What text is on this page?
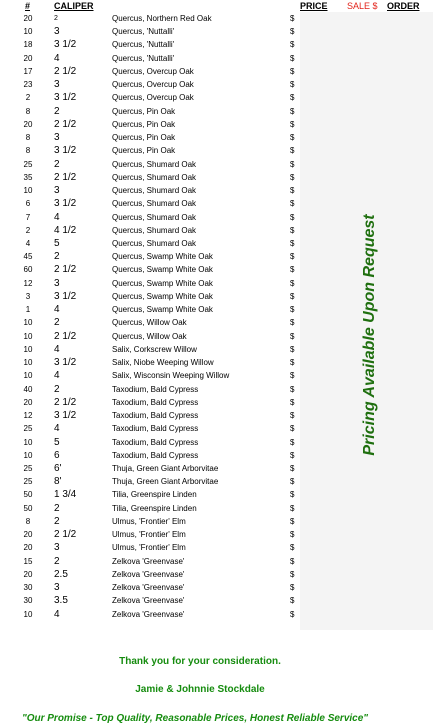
#	CALIPER	PRICE SALE $ ORDER
Pricing Available Upon Request
20	2	Quercus, Northern Red Oak	$
10	3	Quercus, 'Nuttalli'	$
18	3 1/2	Quercus, 'Nuttalli'	$
20	4	Quercus, 'Nuttalli'	$
17	2 1/2	Quercus, Overcup Oak	$
23	3	Quercus, Overcup Oak	$
2	3 1/2	Quercus, Overcup Oak	$
8	2	Quercus, Pin Oak	$
20	2 1/2	Quercus, Pin Oak	$
8	3	Quercus, Pin Oak	$
8	3 1/2	Quercus, Pin Oak	$
25	2	Quercus, Shumard Oak	$
35	2 1/2	Quercus, Shumard Oak	$
10	3	Quercus, Shumard Oak	$
6	3 1/2	Quercus, Shumard Oak	$
7	4	Quercus, Shumard Oak	$
2	4 1/2	Quercus, Shumard Oak	$
4	5	Quercus, Shumard Oak	$
45	2	Quercus, Swamp White Oak	$
60	2 1/2	Quercus, Swamp White Oak	$
12	3	Quercus, Swamp White Oak	$
3	3 1/2	Quercus, Swamp White Oak	$
1	4	Quercus, Swamp White Oak	$
10	2	Quercus, Willow Oak	$
10	2 1/2	Quercus, Willow Oak	$
10	4	Salix, Corkscrew Willow	$
10	3 1/2	Salix, Niobe Weeping Willow	$
10	4	Salix, Wisconsin Weeping Willow	$
40	2	Taxodium, Bald Cypress	$
20	2 1/2	Taxodium, Bald Cypress	$
12	3 1/2	Taxodium, Bald Cypress	$
25	4	Taxodium, Bald Cypress	$
10	5	Taxodium, Bald Cypress	$
10	6	Taxodium, Bald Cypress	$
25	6'	Thuja, Green Giant Arborvitae	$
25	8'	Thuja, Green Giant Arborvitae	$
50	1 3/4	Tilia, Greenspire Linden	$
50	2	Tilia, Greenspire Linden	$
8	2	Ulmus, 'Frontier' Elm	$
20	2 1/2	Ulmus, 'Frontier' Elm	$
20	3	Ulmus, 'Frontier' Elm	$
15	2	Zelkova 'Greenvase'	$
20	2.5	Zelkova 'Greenvase'	$
30	3	Zelkova 'Greenvase'	$
30	3.5	Zelkova 'Greenvase'	$
10	4	Zelkova 'Greenvase'	$
Thank you for your consideration.
Jamie & Johnnie Stockdale
"Our Promise - Top Quality, Reasonable Prices, Honest Reliable Service"
